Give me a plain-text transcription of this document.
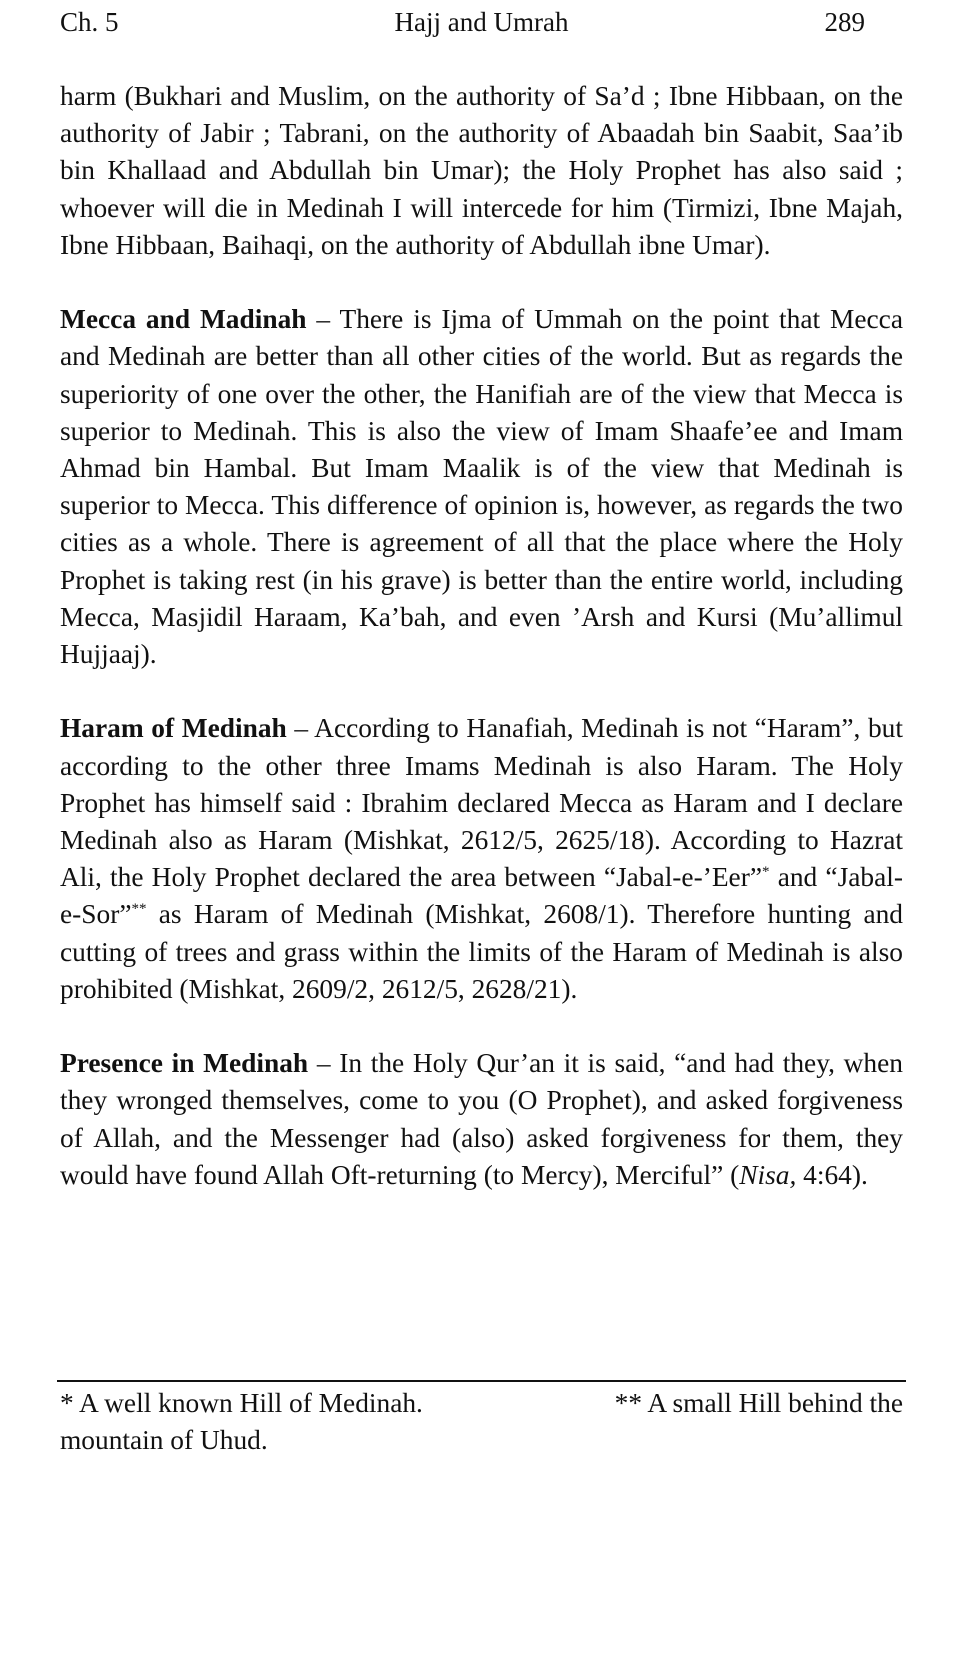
Ch. 5	Hajj and Umrah	289

harm (Bukhari and Muslim, on the authority of Sa’d ; Ibne Hibbaan, on the authority of Jabir ; Tabrani, on the authority of Abaadah bin Saabit, Saa’ib bin Khallaad and Abdullah bin Umar); the Holy Prophet has also said ; whoever will die in Medinah I will intercede for him (Tirmizi, Ibne Majah, Ibne Hibbaan, Baihaqi, on the authority of Abdullah ibne Umar).

Mecca and Madinah – There is Ijma of Ummah on the point that Mecca and Medinah are better than all other cities of the world. But as regards the superiority of one over the other, the Hanifiah are of the view that Mecca is superior to Medinah. This is also the view of Imam Shaafe’ee and Imam Ahmad bin Hambal. But Imam Maalik is of the view that Medinah is superior to Mecca. This difference of opinion is, however, as regards the two cities as a whole. There is agreement of all that the place where the Holy Prophet is taking rest (in his grave) is better than the entire world, including Mecca, Masjidil Haraam, Ka’bah, and even ’Arsh and Kursi (Mu’allimul Hujjaaj).

Haram of Medinah – According to Hanafiah, Medinah is not “Haram”, but according to the other three Imams Medinah is also Haram. The Holy Prophet has himself said : Ibrahim declared Mecca as Haram and I declare Medinah also as Haram (Mishkat, 2612/5, 2625/18). According to Hazrat Ali, the Holy Prophet declared the area between “Jabal-e-’Eer”* and “Jabal-e-Sor”** as Haram of Medinah (Mishkat, 2608/1). Therefore hunting and cutting of trees and grass within the limits of the Haram of Medinah is also prohibited (Mishkat, 2609/2, 2612/5, 2628/21).

Presence in Medinah – In the Holy Qur’an it is said, “and had they, when they wronged themselves, come to you (O Prophet), and asked forgiveness of Allah, and the Messenger had (also) asked forgiveness for them, they would have found Allah Oft-returning (to Mercy), Merciful” (Nisa, 4:64).

* A well known Hill of Medinah.	** A small Hill behind the
mountain of Uhud.
